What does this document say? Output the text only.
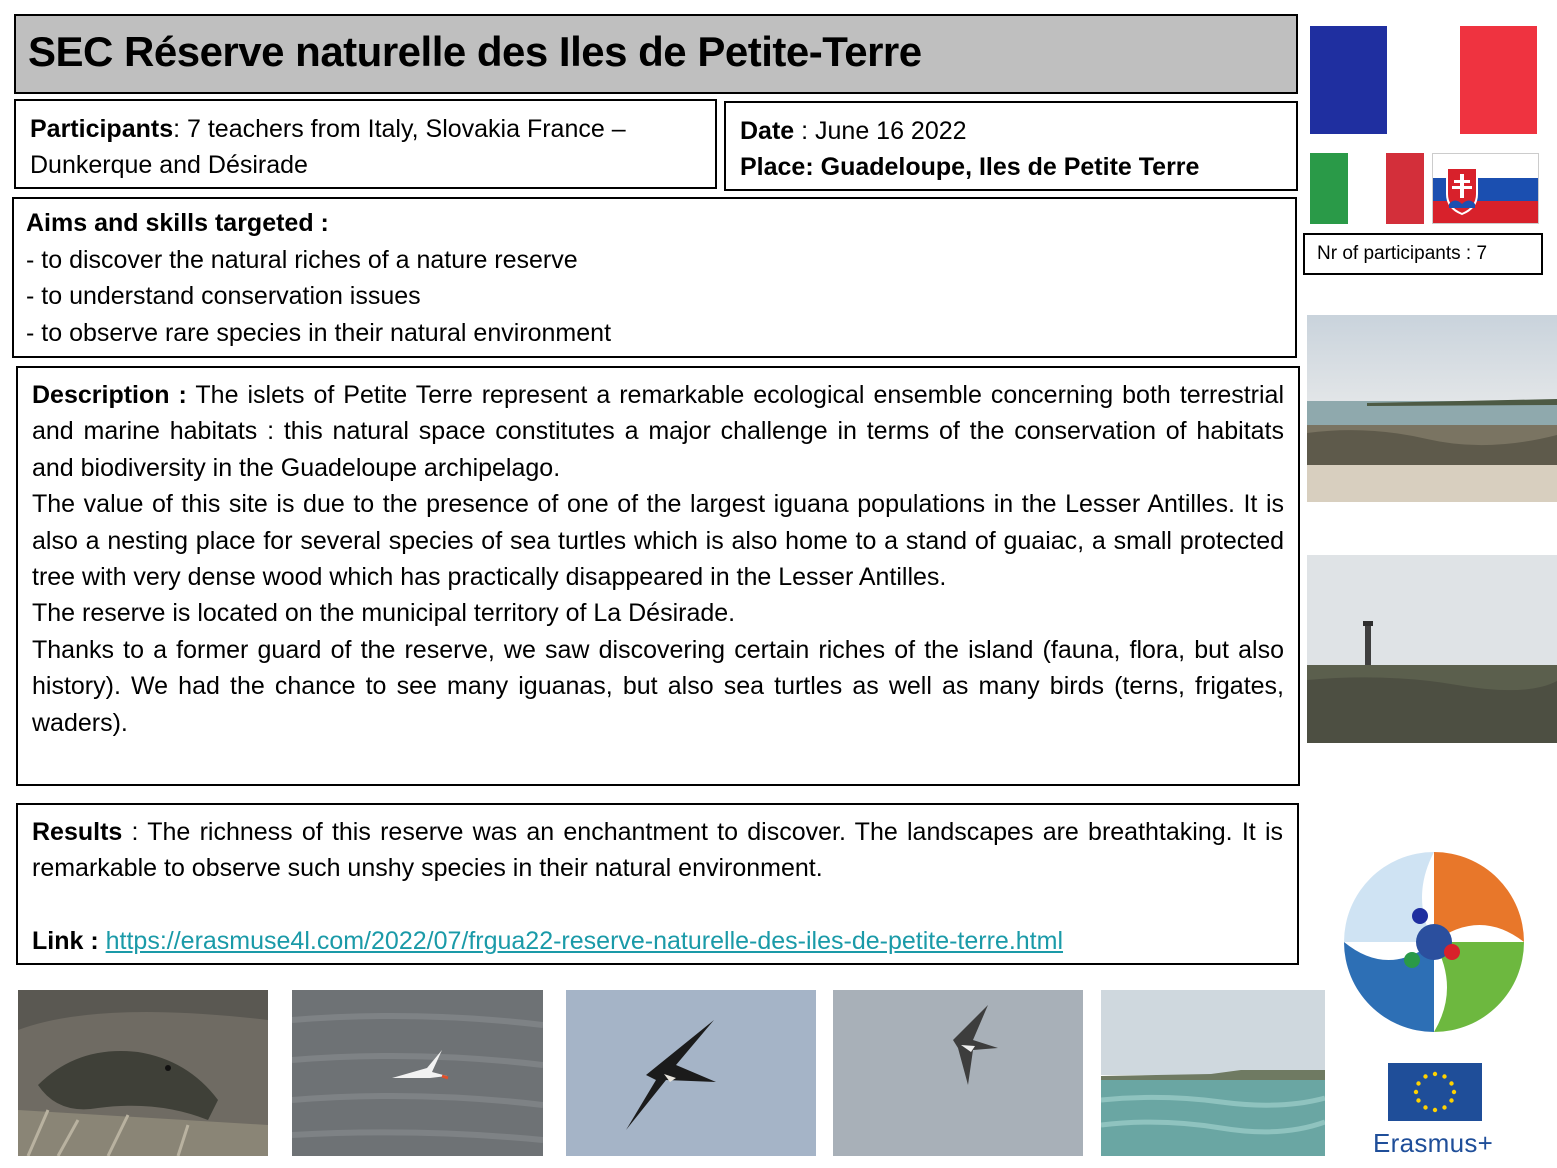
SEC Réserve naturelle des Iles de Petite-Terre
Participants: 7 teachers from Italy, Slovakia France – Dunkerque and Désirade
Date : June 16 2022
Place: Guadeloupe, Iles de Petite Terre
Aims and skills targeted :
- to discover the natural riches of a nature reserve
- to understand conservation issues
- to observe rare species in their natural environment

Description : The islets of Petite Terre represent a remarkable ecological ensemble concerning both terrestrial and marine habitats : this natural space constitutes a major challenge in terms of the conservation of habitats and biodiversity in the Guadeloupe archipelago.

The value of this site is due to the presence of one of the largest iguana populations in the Lesser Antilles. It is also a nesting place for several species of sea turtles which is also home to a stand of guaiac, a small protected tree with very dense wood which has practically disappeared in the Lesser Antilles.

The reserve is located on the municipal territory of La Désirade.

Thanks to a former guard of the reserve, we saw discovering certain riches of the island (fauna, flora, but also history). We had the chance to see many iguanas, but also sea turtles as well as many birds (terns, frigates, waders).

Results : The richness of this reserve was an enchantment to discover. The landscapes are breathtaking. It is remarkable to observe such unshy species in their natural environment.

Link : https://erasmuse4l.com/2022/07/frgua22-reserve-naturelle-des-iles-de-petite-terre.html

Nr of participants : 7
Erasmus+
